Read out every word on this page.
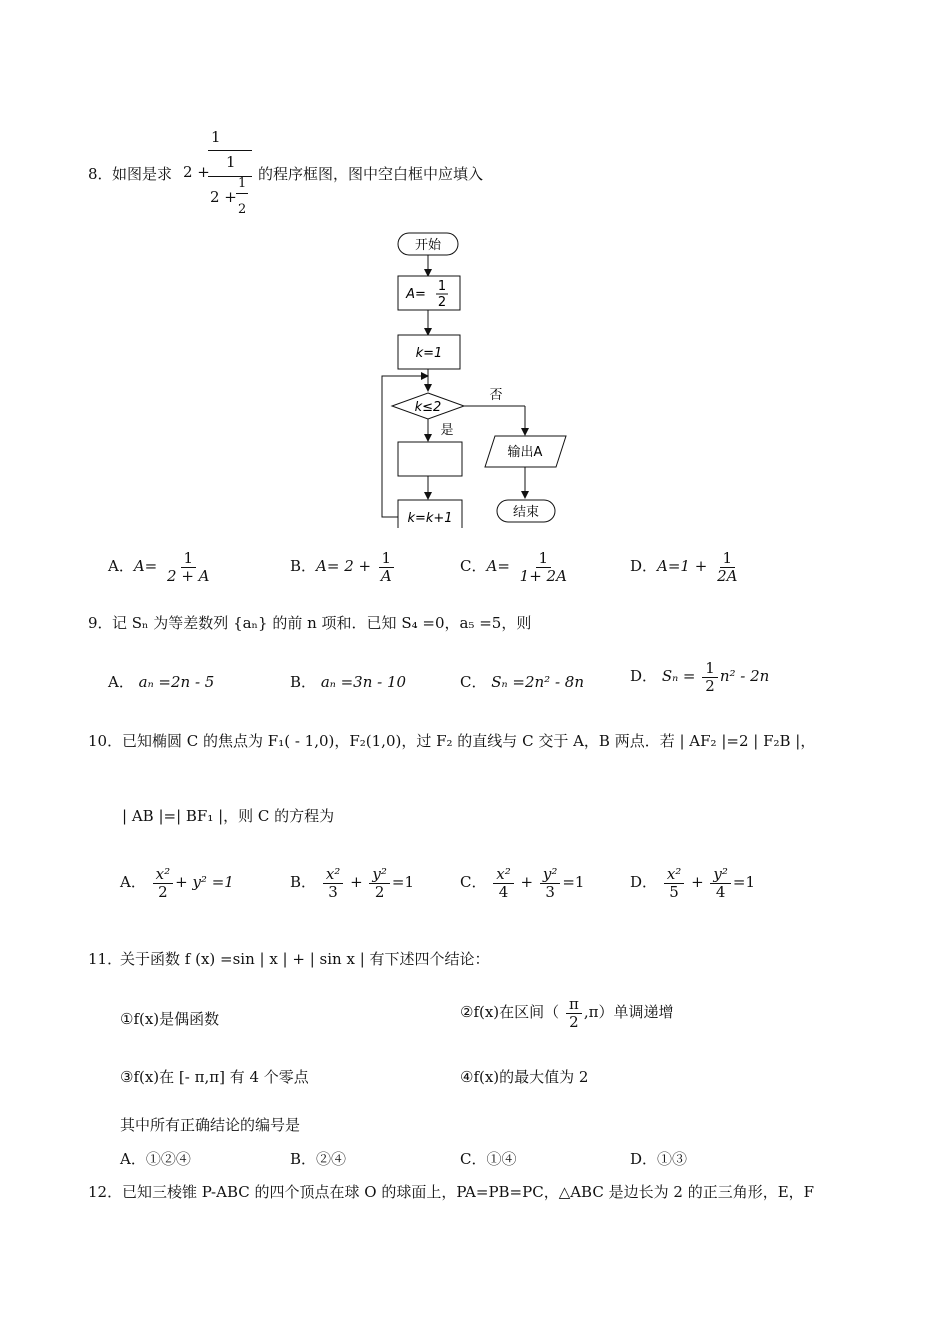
8． 如图是求
1
2 +
1
2 +
1
2
的程序框图，图中空白框中应填入
开始
A=
1
2
k=1
k≤2
否
是
k=k+1
输出A
结束
A．$A= \frac{1}{2 + A}$	B．$A= 2 + \frac{1}{A}$	C．$A= \frac{1}{1+ 2A}$	D．$A=1 + \frac{1}{2A}$
9． 记 Sₙ 为等差数列 {aₙ} 的前 n 项和．已知 S₄ =0，a₅ =5，则
A． aₙ =2n - 5	B． aₙ =3n - 10	C． Sₙ =2n² - 8n	D． $S_n = \frac{1}{2} n^2 - 2n$
10． 已知椭圆 C 的焦点为 F₁( - 1,0)，F₂(1,0)，过 F₂ 的直线与 C 交于 A，B 两点．若 | AF₂ |=2 | F₂B |，
| AB |=| BF₁ |，则 C 的方程为
A． $\frac{\text{x²}}{2} + y^2 =1$	B． $\frac{\text{x²}}{3} + \frac{\text{y²}}{2} =1$	C． $\frac{\text{x²}}{4} + \frac{\text{y²}}{3} =1$	D． $\frac{\text{x²}}{5} + \frac{\text{y²}}{4} =1$
11．
关于函数 f (x) =sin | x | + | sin x | 有下述四个结论：
①f(x)是偶函数	②f(x)在区间（ $\frac{\pi}{2} ,\pi$）单调递增
③f(x)在 [- π,π] 有 4 个零点	④f(x)的最大值为 2
其中所有正确结论的编号是
A．①②④	B．②④	C．①④	D．①③
12． 已知三棱锥 P-ABC 的四个顶点在球 O 的球面上，PA=PB=PC，△ABC 是边长为 2 的正三角形，E，F
